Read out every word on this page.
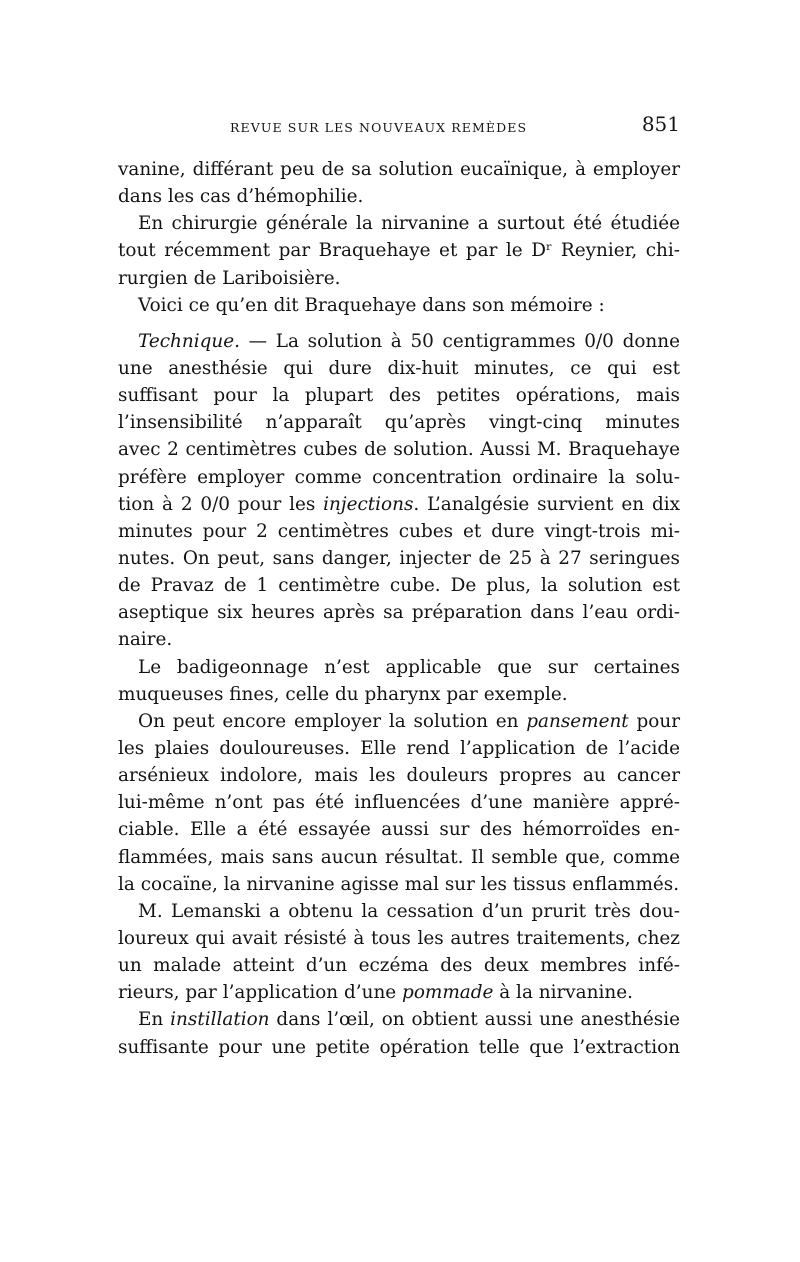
REVUE SUR LES NOUVEAUX REMÈDES	851
vanine, différant peu de sa solution eucaïnique, à employer
dans les cas d’hémophilie.
En chirurgie générale la nirvanine a surtout été étudiée
tout récemment par Braquehaye et par le Dʳ Reynier, chi-
rurgien de Lariboisière.
Voici ce qu’en dit Braquehaye dans son mémoire :
Technique. — La solution à 50 centigrammes 0/0 donne
une anesthésie qui dure dix-huit minutes, ce qui est
suffisant pour la plupart des petites opérations, mais
l’insensibilité n’apparaît qu’après vingt-cinq minutes
avec 2 centimètres cubes de solution. Aussi M. Braquehaye
préfère employer comme concentration ordinaire la solu-
tion à 2 0/0 pour les injections. L’analgésie survient en dix
minutes pour 2 centimètres cubes et dure vingt-trois mi-
nutes. On peut, sans danger, injecter de 25 à 27 seringues
de Pravaz de 1 centimètre cube. De plus, la solution est
aseptique six heures après sa préparation dans l’eau ordi-
naire.
Le badigeonnage n’est applicable que sur certaines
muqueuses fines, celle du pharynx par exemple.
On peut encore employer la solution en pansement pour
les plaies douloureuses. Elle rend l’application de l’acide
arsénieux indolore, mais les douleurs propres au cancer
lui-même n’ont pas été influencées d’une manière appré-
ciable. Elle a été essayée aussi sur des hémorroïdes en-
flammées, mais sans aucun résultat. Il semble que, comme
la cocaïne, la nirvanine agisse mal sur les tissus enflammés.
M. Lemanski a obtenu la cessation d’un prurit très dou-
loureux qui avait résisté à tous les autres traitements, chez
un malade atteint d’un eczéma des deux membres infé-
rieurs, par l’application d’une pommade à la nirvanine.
En instillation dans l’œil, on obtient aussi une anesthésie
suffisante pour une petite opération telle que l’extraction
